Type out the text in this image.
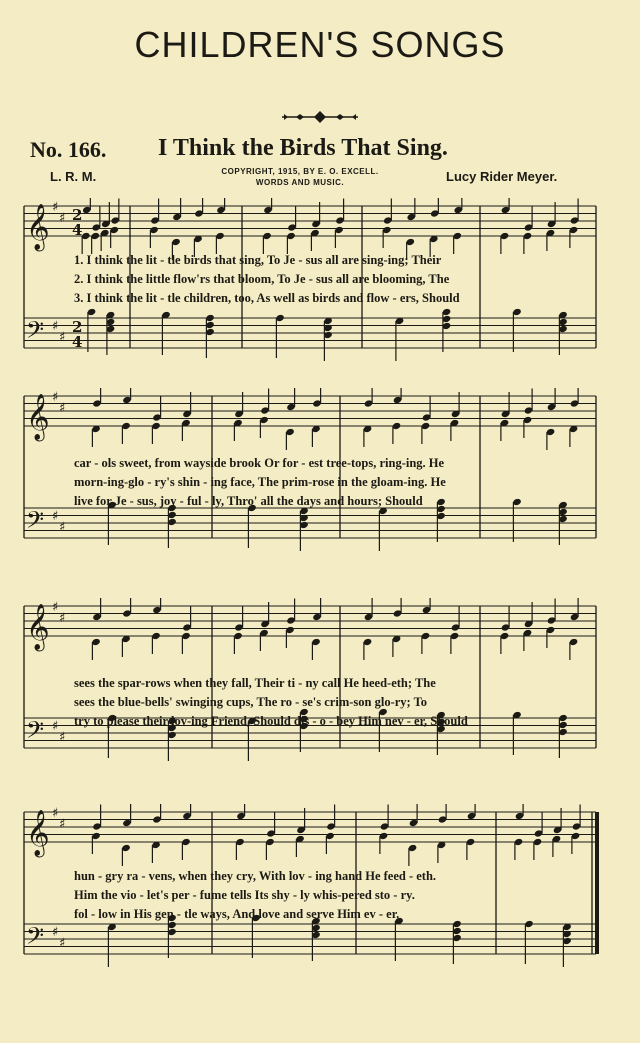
CHILDREN'S SONGS
No. 166. I Think the Birds That Sing.
COPYRIGHT, 1915, BY E. O. EXCELL.
WORDS AND MUSIC.
L. R. M.	Lucy Rider Meyer.
𝄞 ♯
♯
𝄢 ♯
♯
2
4
2
4
1. I think the lit - tle birds that sing, To Je - sus all are sing-ing; Their
2. I think the little flow'rs that bloom, To Je - sus all are blooming, The
3. I think the lit - tle children, too, As well as birds and flow - ers, Should
𝄞 ♯
♯
𝄢 ♯
♯
car - ols sweet, from wayside brook Or for - est tree-tops, ring-ing. He
morn-ing-glo - ry's shin - ing face, The prim-rose in the gloam-ing. He
live for Je - sus, joy - ful - ly, Thro' all the days and hours; Should
𝄞 ♯
♯
𝄢 ♯
♯
sees the spar-rows when they fall, Their ti - ny call He heed-eth; The
sees the blue-bells' swinging cups, The ro - se's crim-son glo-ry; To
try to please their lov-ing Friend, Should dis - o - bey Him nev - er, Should
𝄞 ♯
♯
𝄢 ♯
♯
hun - gry ra - vens, when they cry, With lov - ing hand He feed - eth.
Him the vio - let's per - fume tells Its shy - ly whis-pered sto - ry.
fol - low in His gen - tle ways, And love and serve Him ev - er.
